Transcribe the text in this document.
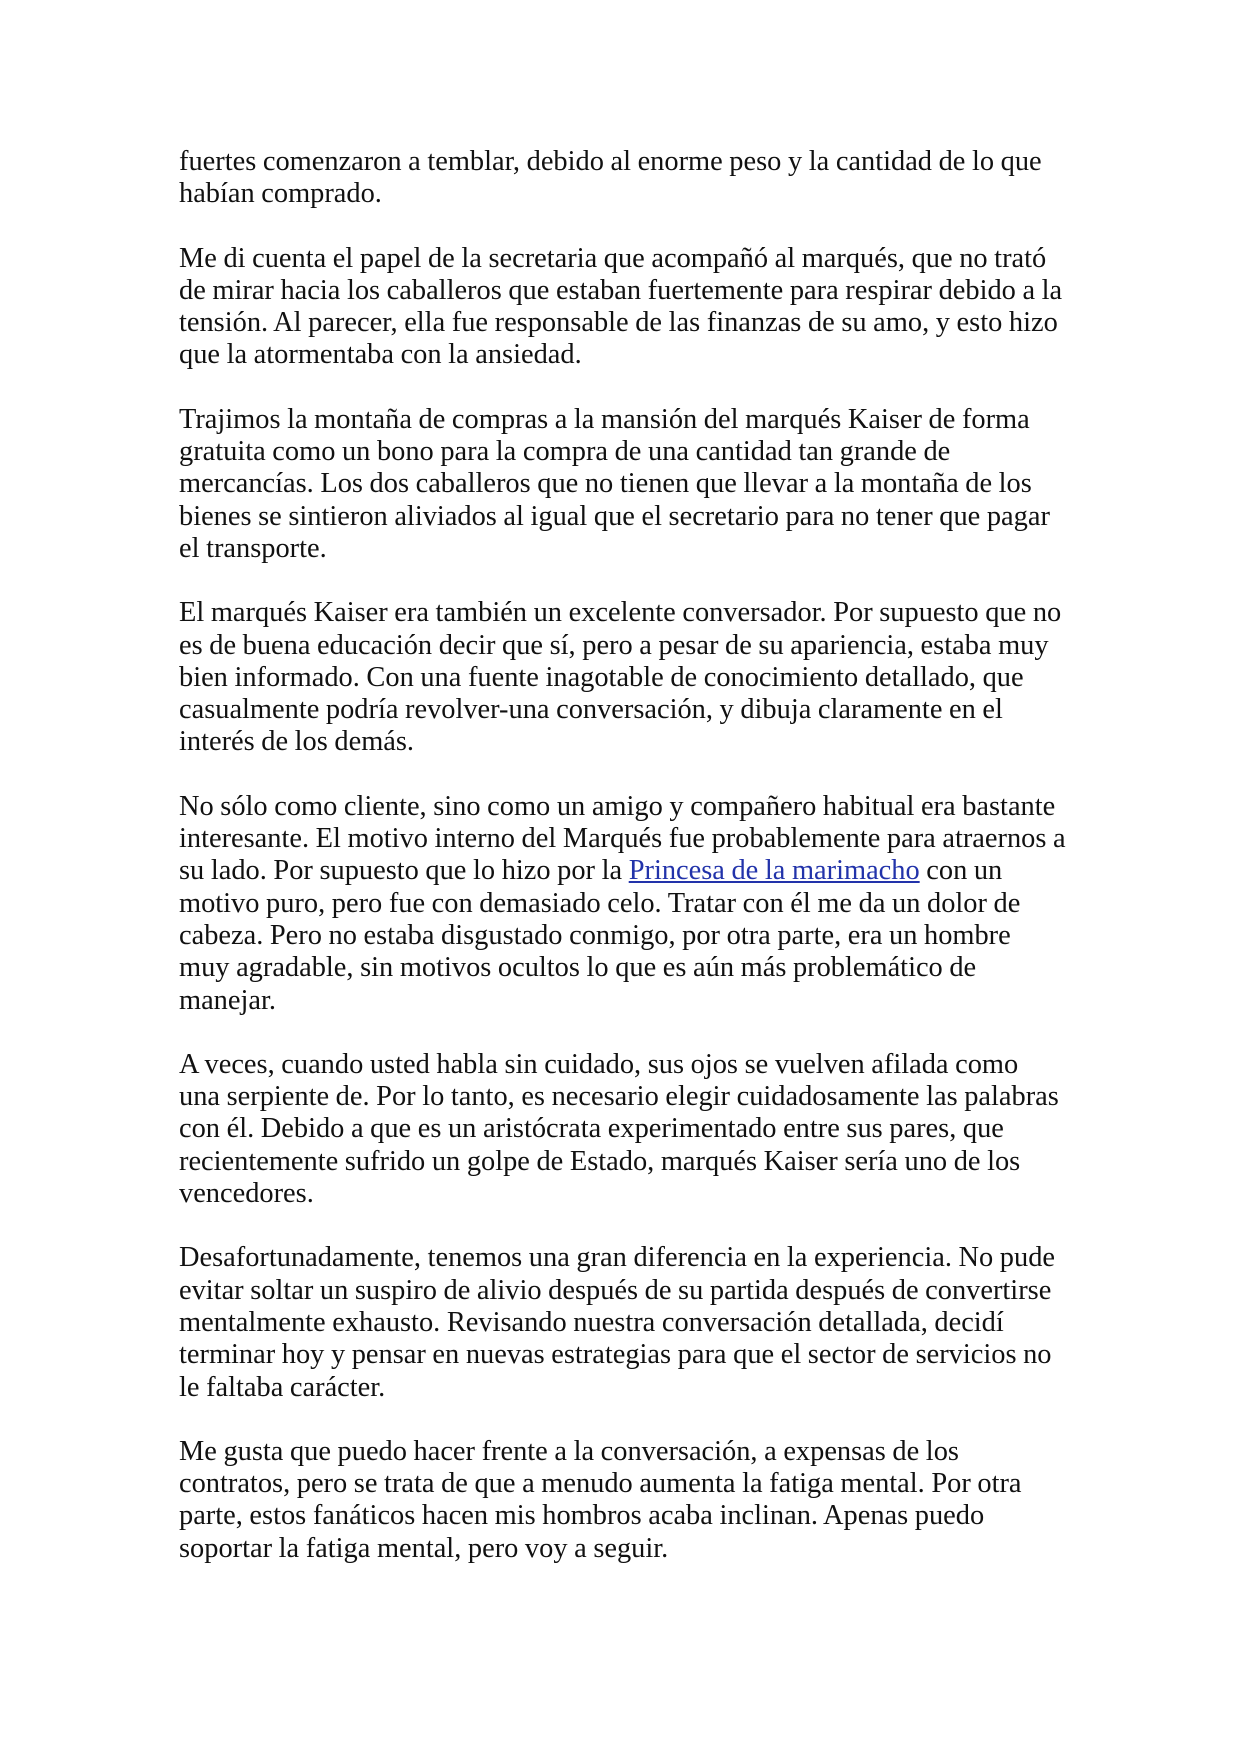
fuertes comenzaron a temblar, debido al enorme peso y la cantidad de lo que
habían comprado.

Me di cuenta el papel de la secretaria que acompañó al marqués, que no trató
de mirar hacia los caballeros que estaban fuertemente para respirar debido a la
tensión. Al parecer, ella fue responsable de las finanzas de su amo, y esto hizo
que la atormentaba con la ansiedad.

Trajimos la montaña de compras a la mansión del marqués Kaiser de forma
gratuita como un bono para la compra de una cantidad tan grande de
mercancías. Los dos caballeros que no tienen que llevar a la montaña de los
bienes se sintieron aliviados al igual que el secretario para no tener que pagar
el transporte.

El marqués Kaiser era también un excelente conversador. Por supuesto que no
es de buena educación decir que sí, pero a pesar de su apariencia, estaba muy
bien informado. Con una fuente inagotable de conocimiento detallado, que
casualmente podría revolver-una conversación, y dibuja claramente en el
interés de los demás.

No sólo como cliente, sino como un amigo y compañero habitual era bastante
interesante. El motivo interno del Marqués fue probablemente para atraernos a
su lado. Por supuesto que lo hizo por la Princesa de la marimacho con un
motivo puro, pero fue con demasiado celo. Tratar con él me da un dolor de
cabeza. Pero no estaba disgustado conmigo, por otra parte, era un hombre
muy agradable, sin motivos ocultos lo que es aún más problemático de
manejar.

A veces, cuando usted habla sin cuidado, sus ojos se vuelven afilada como
una serpiente de. Por lo tanto, es necesario elegir cuidadosamente las palabras
con él. Debido a que es un aristócrata experimentado entre sus pares, que
recientemente sufrido un golpe de Estado, marqués Kaiser sería uno de los
vencedores.

Desafortunadamente, tenemos una gran diferencia en la experiencia. No pude
evitar soltar un suspiro de alivio después de su partida después de convertirse
mentalmente exhausto. Revisando nuestra conversación detallada, decidí
terminar hoy y pensar en nuevas estrategias para que el sector de servicios no
le faltaba carácter.

Me gusta que puedo hacer frente a la conversación, a expensas de los
contratos, pero se trata de que a menudo aumenta la fatiga mental. Por otra
parte, estos fanáticos hacen mis hombros acaba inclinan. Apenas puedo
soportar la fatiga mental, pero voy a seguir.
